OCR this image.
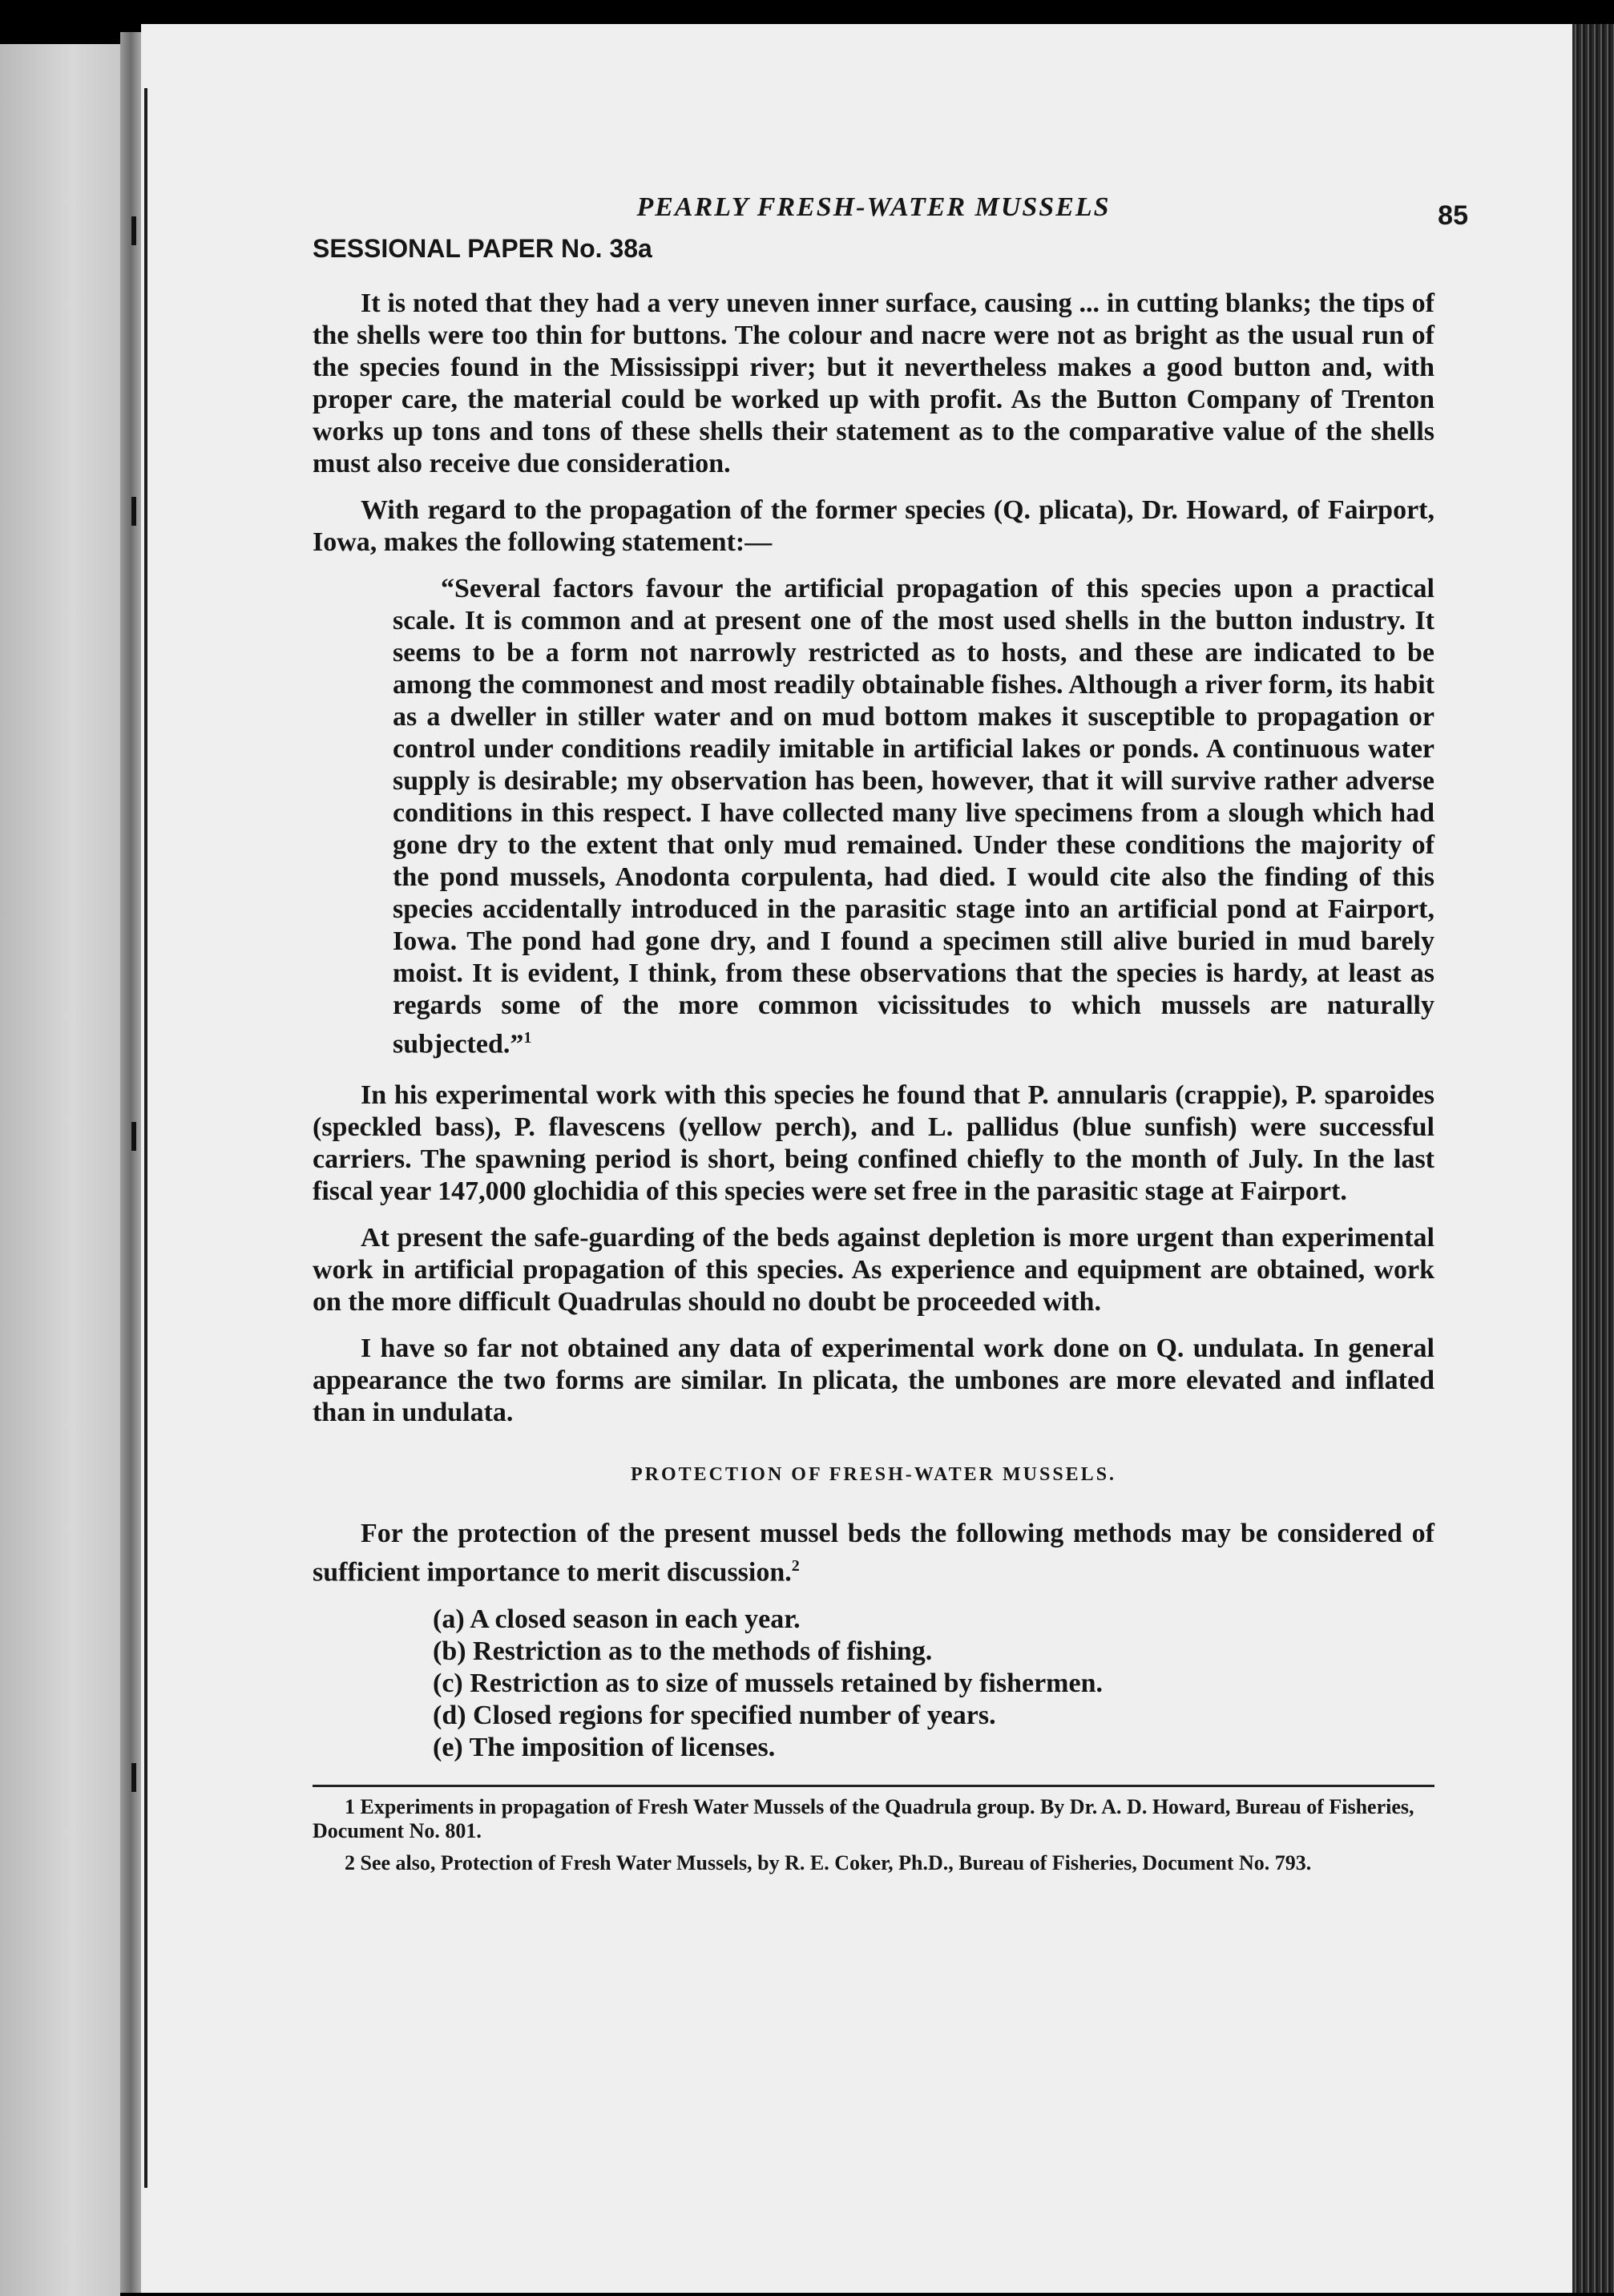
PEARLY FRESH-WATER MUSSELS	85
SESSIONAL PAPER No. 38a

It is noted that they had a very uneven inner surface, causing ... in cutting blanks; the tips of the shells were too thin for buttons. The colour and nacre were not as bright as the usual run of the species found in the Mississippi river; but it nevertheless makes a good button and, with proper care, the material could be worked up with profit. As the Button Company of Trenton works up tons and tons of these shells their statement as to the comparative value of the shells must also receive due consideration.

With regard to the propagation of the former species (Q. plicata), Dr. Howard, of Fairport, Iowa, makes the following statement:—

“Several factors favour the artificial propagation of this species upon a practical scale. It is common and at present one of the most used shells in the button industry. It seems to be a form not narrowly restricted as to hosts, and these are indicated to be among the commonest and most readily obtainable fishes. Although a river form, its habit as a dweller in stiller water and on mud bottom makes it susceptible to propagation or control under conditions readily imitable in artificial lakes or ponds. A continuous water supply is desirable; my observation has been, however, that it will survive rather adverse conditions in this respect. I have collected many live specimens from a slough which had gone dry to the extent that only mud remained. Under these conditions the majority of the pond mussels, Anodonta corpulenta, had died. I would cite also the finding of this species accidentally introduced in the parasitic stage into an artificial pond at Fairport, Iowa. The pond had gone dry, and I found a specimen still alive buried in mud barely moist. It is evident, I think, from these observations that the species is hardy, at least as regards some of the more common vicissitudes to which mussels are naturally subjected.”$^1$

In his experimental work with this species he found that P. annularis (crappie), P. sparoides (speckled bass), P. flavescens (yellow perch), and L. pallidus (blue sunfish) were successful carriers. The spawning period is short, being confined chiefly to the month of July. In the last fiscal year 147,000 glochidia of this species were set free in the parasitic stage at Fairport.

At present the safe-guarding of the beds against depletion is more urgent than experimental work in artificial propagation of this species. As experience and equipment are obtained, work on the more difficult Quadrulas should no doubt be proceeded with.

I have so far not obtained any data of experimental work done on Q. undulata. In general appearance the two forms are similar. In plicata, the umbones are more elevated and inflated than in undulata.

PROTECTION OF FRESH-WATER MUSSELS.

For the protection of the present mussel beds the following methods may be considered of sufficient importance to merit discussion.$^2$

(a) A closed season in each year.
(b) Restriction as to the methods of fishing.
(c) Restriction as to size of mussels retained by fishermen.
(d) Closed regions for specified number of years.
(e) The imposition of licenses.

1 Experiments in propagation of Fresh Water Mussels of the Quadrula group. By Dr. A. D. Howard, Bureau of Fisheries, Document No. 801.

2 See also, Protection of Fresh Water Mussels, by R. E. Coker, Ph.D., Bureau of Fisheries, Document No. 793.
